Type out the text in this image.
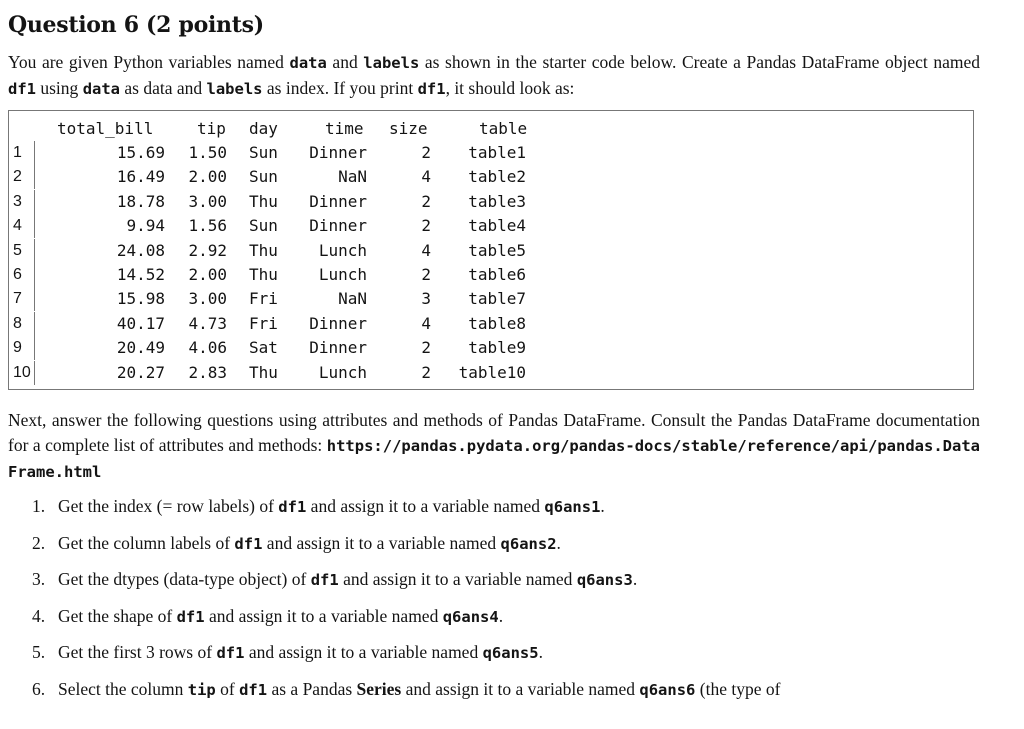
Question 6 (2 points)
You are given Python variables named data and labels as shown in the starter code below. Create a Pandas DataFrame object named df1 using data as data and labels as index. If you print df1, it should look as:
total_bill	tip day	time size	table
1	15.69 1.50 Sun Dinner	2 table1
2	16.49 2.00 Sun	NaN	4 table2
3	18.78 3.00 Thu Dinner	2 table3
4	9.94 1.56 Sun Dinner	2 table4
5	24.08 2.92 Thu	Lunch	4 table5
6	14.52 2.00 Thu	Lunch	2 table6
7	15.98 3.00 Fri	NaN	3 table7
8	40.17 4.73 Fri Dinner	4 table8
9	20.49 4.06 Sat Dinner	2 table9
10	20.27 2.83 Thu	Lunch	2 table10
Next, answer the following questions using attributes and methods of Pandas DataFrame. Consult the Pandas DataFrame documentation for a complete list of attributes and methods: https://pandas.pydata.org/pandas-docs/stable/reference/api/pandas.DataFrame.html
1. Get the index (= row labels) of df1 and assign it to a variable named q6ans1.
2. Get the column labels of df1 and assign it to a variable named q6ans2.
3. Get the dtypes (data-type object) of df1 and assign it to a variable named q6ans3.
4. Get the shape of df1 and assign it to a variable named q6ans4.
5. Get the first 3 rows of df1 and assign it to a variable named q6ans5.
6. Select the column tip of df1 as a Pandas Series and assign it to a variable named q6ans6 (the type of
